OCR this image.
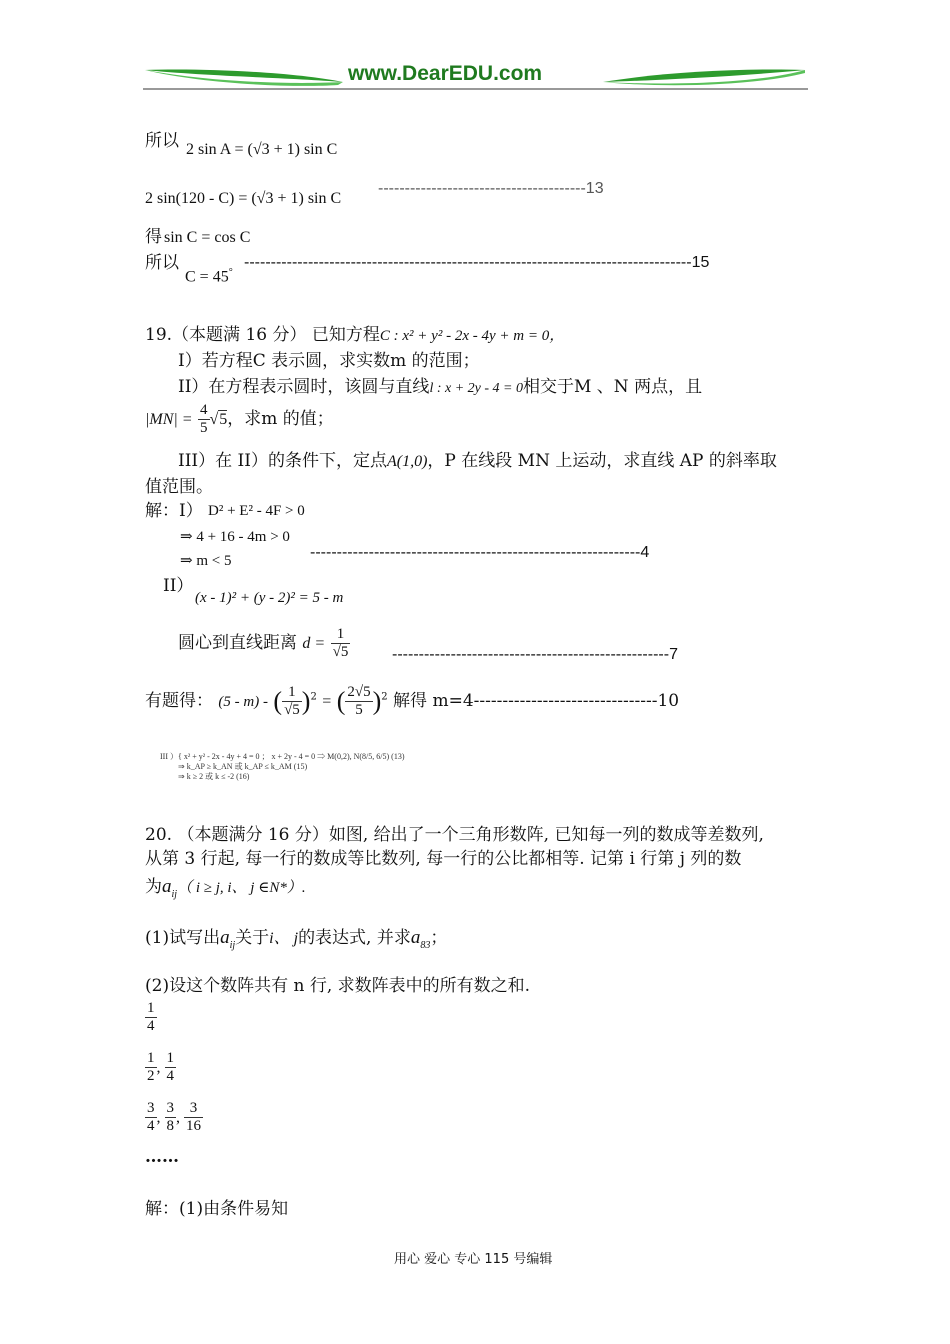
www.DearEDU.com
所以 2 sin A = (√3 + 1) sin C
2 sin(120 - C) = (√3 + 1) sin C
---------------------------------------13
得 sin C = cos C
所以
C = 45°
------------------------------------------------------------------------------------15
19.（本题满 16 分） 已知方程C : x² + y² - 2x - 4y + m = 0，
I）若方程C 表示圆，求实数m 的范围；
II）在方程表示圆时，该圆与直线l : x + 2y - 4 = 0相交于M 、N 两点，且
$|MN| = \frac{4}{5} √5$，求m 的值；
III）在 II）的条件下，定点A(1,0)，P 在线段 MN 上运动，求直线 AP 的斜率取
值范围。
解：I） D² + E² - 4F > 0
⇒ 4 + 16 - 4m > 0
⇒ m < 5	--------------------------------------------------------------4
II）
(x - 1)² + (y - 2)² = 5 - m
圆心到直线距离 $d = \frac{1}{√5}$	----------------------------------------------------7
有题得： (5 - m) - ( $\frac{1}{√5} )^2$ = ( $\frac{2√5}{5} )^2$ 解得 m=4--------------------------------10
III ）{ x² + y² - 2x - 4y + 4 = 0 ； x + 2y - 4 = 0 ⇒ M(0,2), N(8/5, 6/5) (13)
⇒ k_AP ≥ k_AN 或 k_AP ≤ k_AM (15)
⇒ k ≥ 2 或 k ≤ -2 (16)
20. （本题满分 16 分）如图, 给出了一个三角形数阵, 已知每一列的数成等差数列,
从第 3 行起, 每一行的数成等比数列, 每一行的公比都相等. 记第 i 行第 j 列的数
为$a_{ij}$（ i ≥ j, i、 j ∈N*）.
(1)试写出$a_{ij}$关于i、 j的表达式, 并求$a_{83}$；
(2)设这个数阵共有 n 行, 求数阵表中的所有数之和.
$\frac{1}{4}$
$\frac{1}{2}$ , $\frac{1}{4}$
$\frac{3}{4}$ , $\frac{3}{8}$ , $\frac{3}{16}$
……
解：(1)由条件易知
用心 爱心 专心 115 号编辑
